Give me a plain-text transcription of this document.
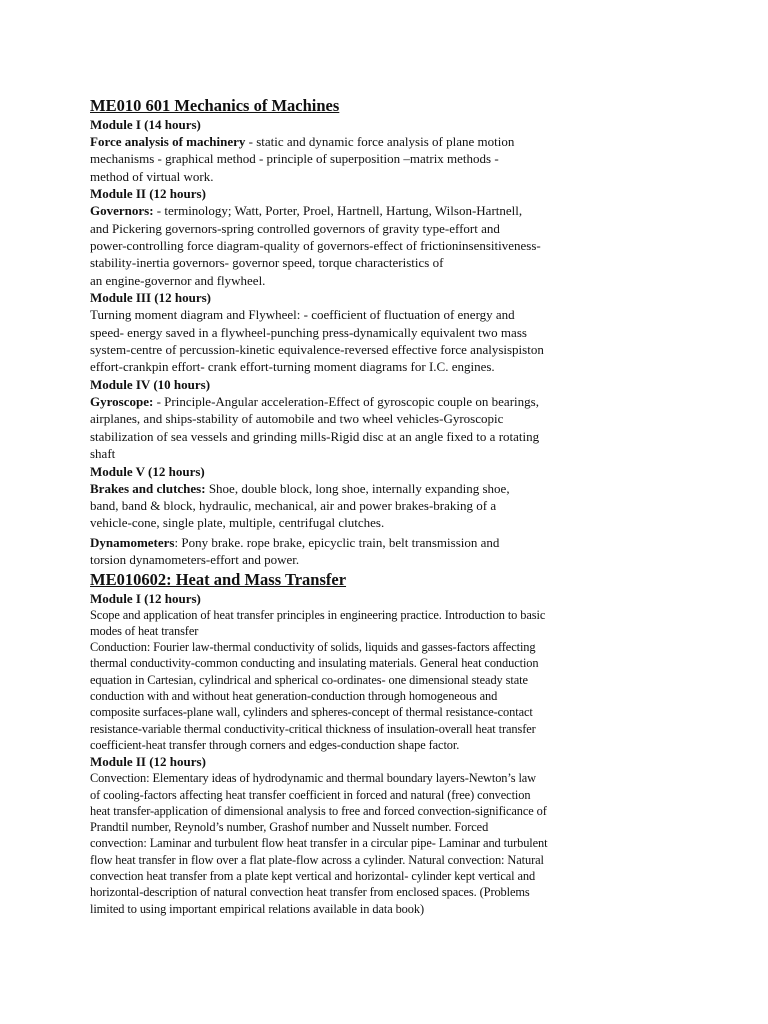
ME010 601 Mechanics of Machines

Module I (14 hours)

Force analysis of machinery - static and dynamic force analysis of plane motion
mechanisms - graphical method - principle of superposition –matrix methods -
method of virtual work.

Module II (12 hours)

Governors: - terminology; Watt, Porter, Proel, Hartnell, Hartung, Wilson-Hartnell,
and Pickering governors-spring controlled governors of gravity type-effort and
power-controlling force diagram-quality of governors-effect of frictioninsensitiveness-
stability-inertia governors- governor speed, torque characteristics of
an engine-governor and flywheel.

Module III (12 hours)

Turning moment diagram and Flywheel: - coefficient of fluctuation of energy and
speed- energy saved in a flywheel-punching press-dynamically equivalent two mass
system-centre of percussion-kinetic equivalence-reversed effective force analysispiston
effort-crankpin effort- crank effort-turning moment diagrams for I.C. engines.

Module IV (10 hours)

Gyroscope: - Principle-Angular acceleration-Effect of gyroscopic couple on bearings,
airplanes, and ships-stability of automobile and two wheel vehicles-Gyroscopic
stabilization of sea vessels and grinding mills-Rigid disc at an angle fixed to a rotating
shaft

Module V (12 hours)

Brakes and clutches: Shoe, double block, long shoe, internally expanding shoe,
band, band & block, hydraulic, mechanical, air and power brakes-braking of a
vehicle-cone, single plate, multiple, centrifugal clutches.

Dynamometers: Pony brake. rope brake, epicyclic train, belt transmission and
torsion dynamometers-effort and power.

ME010602: Heat and Mass Transfer

Module I (12 hours)

Scope and application of heat transfer principles in engineering practice. Introduction to basic
modes of heat transfer
Conduction: Fourier law-thermal conductivity of solids, liquids and gasses-factors affecting
thermal conductivity-common conducting and insulating materials. General heat conduction
equation in Cartesian, cylindrical and spherical co-ordinates- one dimensional steady state
conduction with and without heat generation-conduction through homogeneous and
composite surfaces-plane wall, cylinders and spheres-concept of thermal resistance-contact
resistance-variable thermal conductivity-critical thickness of insulation-overall heat transfer
coefficient-heat transfer through corners and edges-conduction shape factor.

Module II (12 hours)

Convection: Elementary ideas of hydrodynamic and thermal boundary layers-Newton’s law
of cooling-factors affecting heat transfer coefficient in forced and natural (free) convection
heat transfer-application of dimensional analysis to free and forced convection-significance of
Prandtil number, Reynold’s number, Grashof number and Nusselt number. Forced
convection: Laminar and turbulent flow heat transfer in a circular pipe- Laminar and turbulent
flow heat transfer in flow over a flat plate-flow across a cylinder. Natural convection: Natural
convection heat transfer from a plate kept vertical and horizontal- cylinder kept vertical and
horizontal-description of natural convection heat transfer from enclosed spaces. (Problems
limited to using important empirical relations available in data book)
